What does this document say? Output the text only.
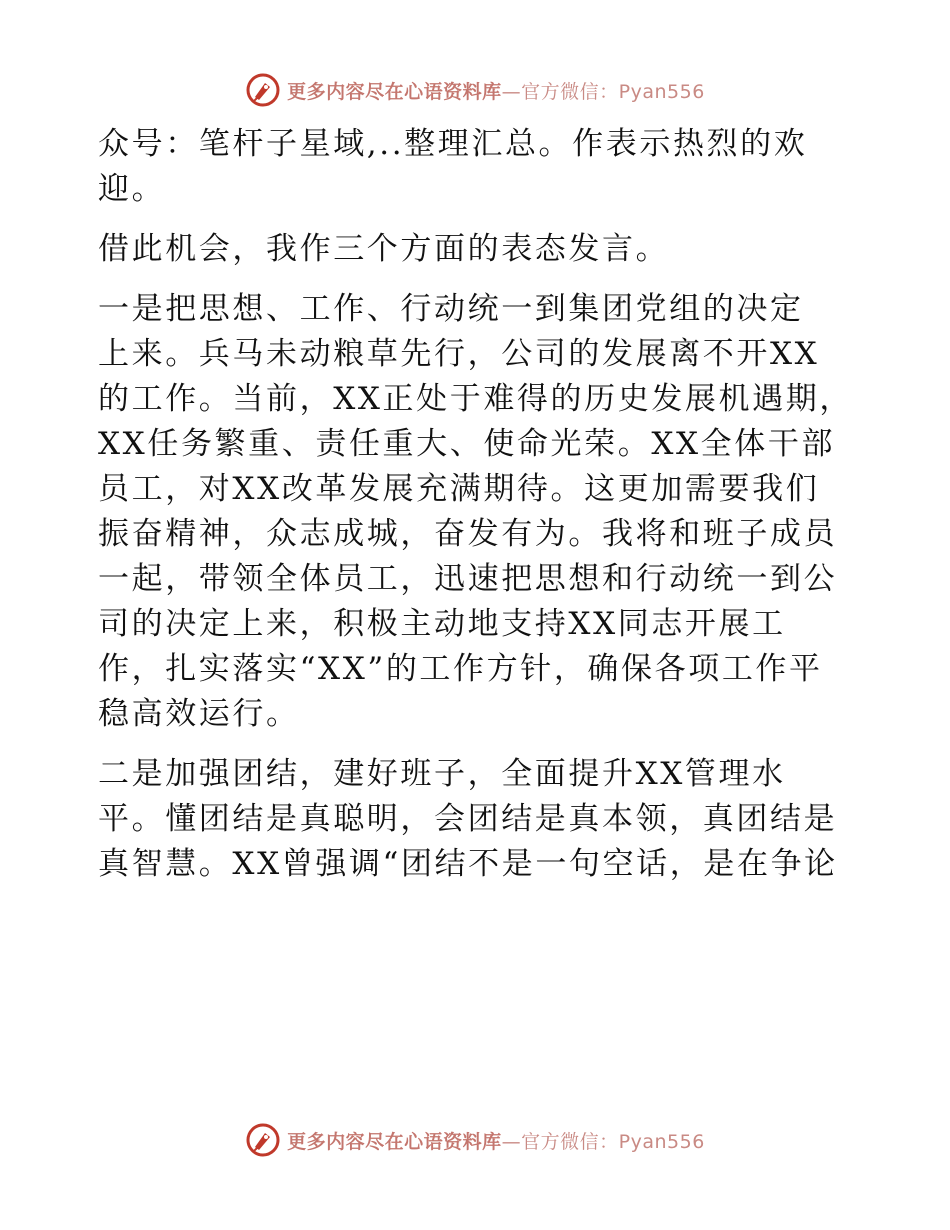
更多内容尽在心语资料库—官方微信：Pyan556

众号：笔杆子星域,..整理汇总。作表示热烈的欢
迎。

借此机会，我作三个方面的表态发言。

一是把思想、工作、行动统一到集团党组的决定
上来。兵马未动粮草先行，公司的发展离不开XX
的工作。当前，XX正处于难得的历史发展机遇期，
XX任务繁重、责任重大、使命光荣。XX全体干部
员工，对XX改革发展充满期待。这更加需要我们
振奋精神，众志成城，奋发有为。我将和班子成员
一起，带领全体员工，迅速把思想和行动统一到公
司的决定上来，积极主动地支持XX同志开展工
作，扎实落实“XX”的工作方针，确保各项工作平
稳高效运行。

二是加强团结，建好班子，全面提升XX管理水
平。懂团结是真聪明，会团结是真本领，真团结是
真智慧。XX曾强调“团结不是一句空话，是在争论

更多内容尽在心语资料库—官方微信：Pyan556
